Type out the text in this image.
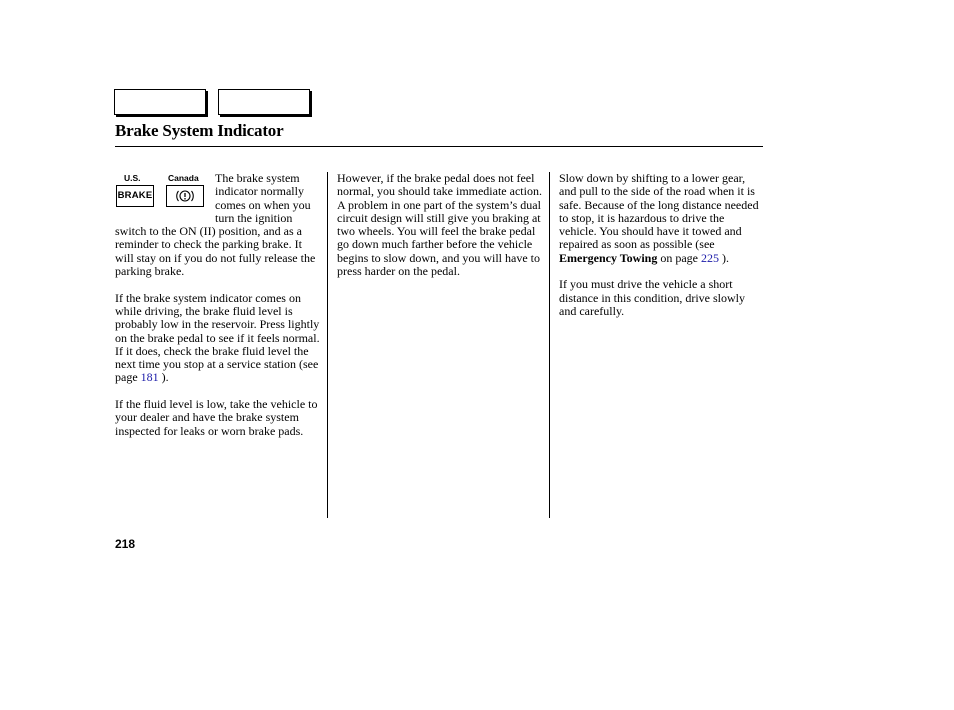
Brake System Indicator
U.S.	Canada
BRAKE

The brake system indicator normally comes on when you turn the ignition switch to the ON (II) position, and as a reminder to check the parking brake. It will stay on if you do not fully release the parking brake.

If the brake system indicator comes on while driving, the brake fluid level is probably low in the reservoir. Press lightly on the brake pedal to see if it feels normal. If it does, check the brake fluid level the next time you stop at a service station (see page 181 ).

If the fluid level is low, take the vehicle to your dealer and have the brake system inspected for leaks or worn brake pads.

However, if the brake pedal does not feel normal, you should take immediate action. A problem in one part of the system’s dual circuit design will still give you braking at two wheels. You will feel the brake pedal go down much farther before the vehicle begins to slow down, and you will have to press harder on the pedal.

Slow down by shifting to a lower gear, and pull to the side of the road when it is safe. Because of the long distance needed to stop, it is hazardous to drive the vehicle. You should have it towed and repaired as soon as possible (see Emergency Towing on page 225 ).

If you must drive the vehicle a short distance in this condition, drive slowly and carefully.

218
